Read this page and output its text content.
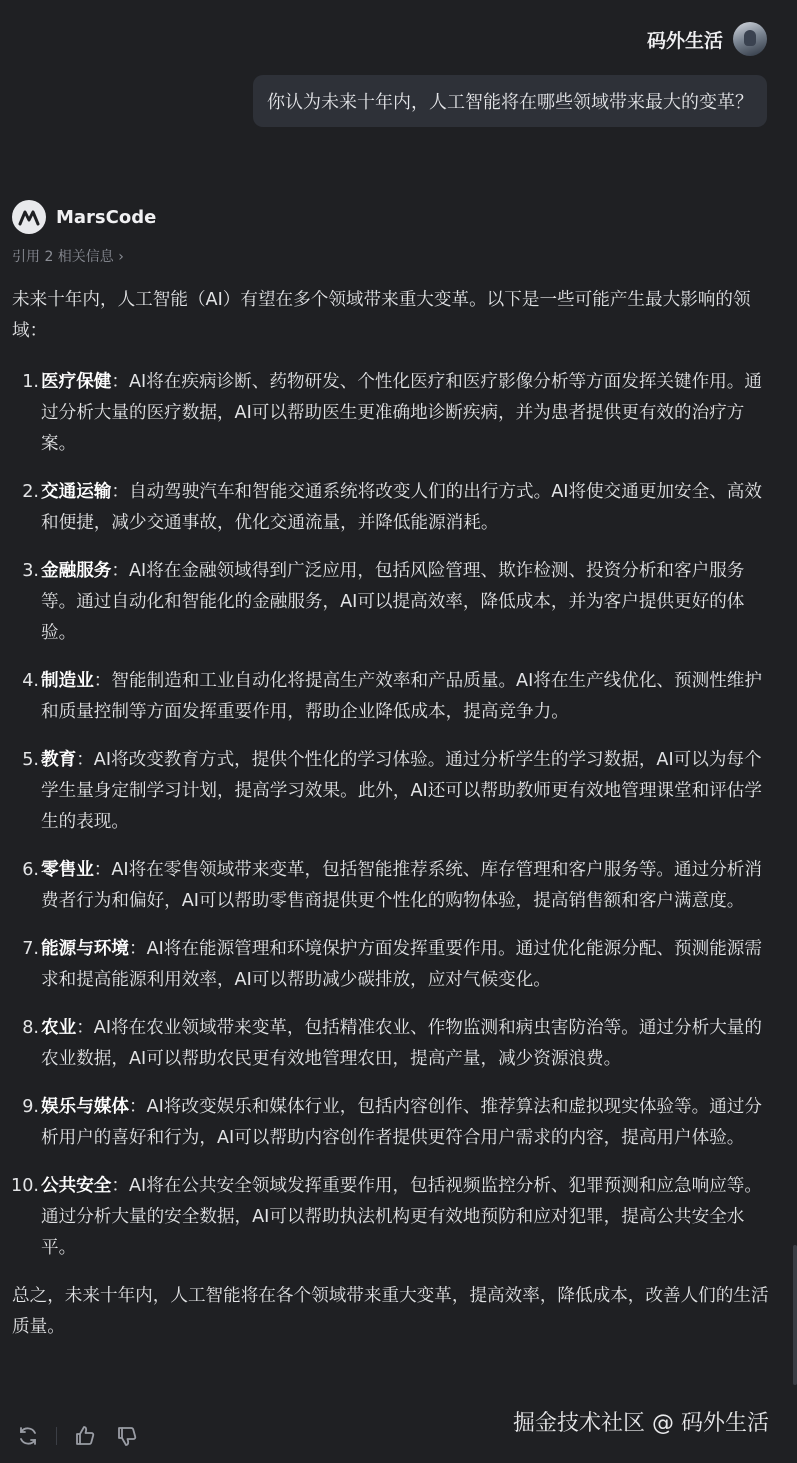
码外生活
你认为未来十年内，人工智能将在哪些领域带来最大的变革？
MarsCode
引用 2 相关信息 ›

未来十年内，人工智能（AI）有望在多个领域带来重大变革。以下是一些可能产生最大影响的领域：

1. 医疗保健：AI将在疾病诊断、药物研发、个性化医疗和医疗影像分析等方面发挥关键作用。通过分析大量的医疗数据，AI可以帮助医生更准确地诊断疾病，并为患者提供更有效的治疗方案。
2. 交通运输：自动驾驶汽车和智能交通系统将改变人们的出行方式。AI将使交通更加安全、高效和便捷，减少交通事故，优化交通流量，并降低能源消耗。
3. 金融服务：AI将在金融领域得到广泛应用，包括风险管理、欺诈检测、投资分析和客户服务等。通过自动化和智能化的金融服务，AI可以提高效率，降低成本，并为客户提供更好的体验。
4. 制造业：智能制造和工业自动化将提高生产效率和产品质量。AI将在生产线优化、预测性维护和质量控制等方面发挥重要作用，帮助企业降低成本，提高竞争力。
5. 教育：AI将改变教育方式，提供个性化的学习体验。通过分析学生的学习数据，AI可以为每个学生量身定制学习计划，提高学习效果。此外，AI还可以帮助教师更有效地管理课堂和评估学生的表现。
6. 零售业：AI将在零售领域带来变革，包括智能推荐系统、库存管理和客户服务等。通过分析消费者行为和偏好，AI可以帮助零售商提供更个性化的购物体验，提高销售额和客户满意度。
7. 能源与环境：AI将在能源管理和环境保护方面发挥重要作用。通过优化能源分配、预测能源需求和提高能源利用效率，AI可以帮助减少碳排放，应对气候变化。
8. 农业：AI将在农业领域带来变革，包括精准农业、作物监测和病虫害防治等。通过分析大量的农业数据，AI可以帮助农民更有效地管理农田，提高产量，减少资源浪费。
9. 娱乐与媒体：AI将改变娱乐和媒体行业，包括内容创作、推荐算法和虚拟现实体验等。通过分析用户的喜好和行为，AI可以帮助内容创作者提供更符合用户需求的内容，提高用户体验。
10. 公共安全：AI将在公共安全领域发挥重要作用，包括视频监控分析、犯罪预测和应急响应等。通过分析大量的安全数据，AI可以帮助执法机构更有效地预防和应对犯罪，提高公共安全水平。

总之，未来十年内，人工智能将在各个领域带来重大变革，提高效率，降低成本，改善人们的生活质量。

掘金技术社区 @ 码外生活
